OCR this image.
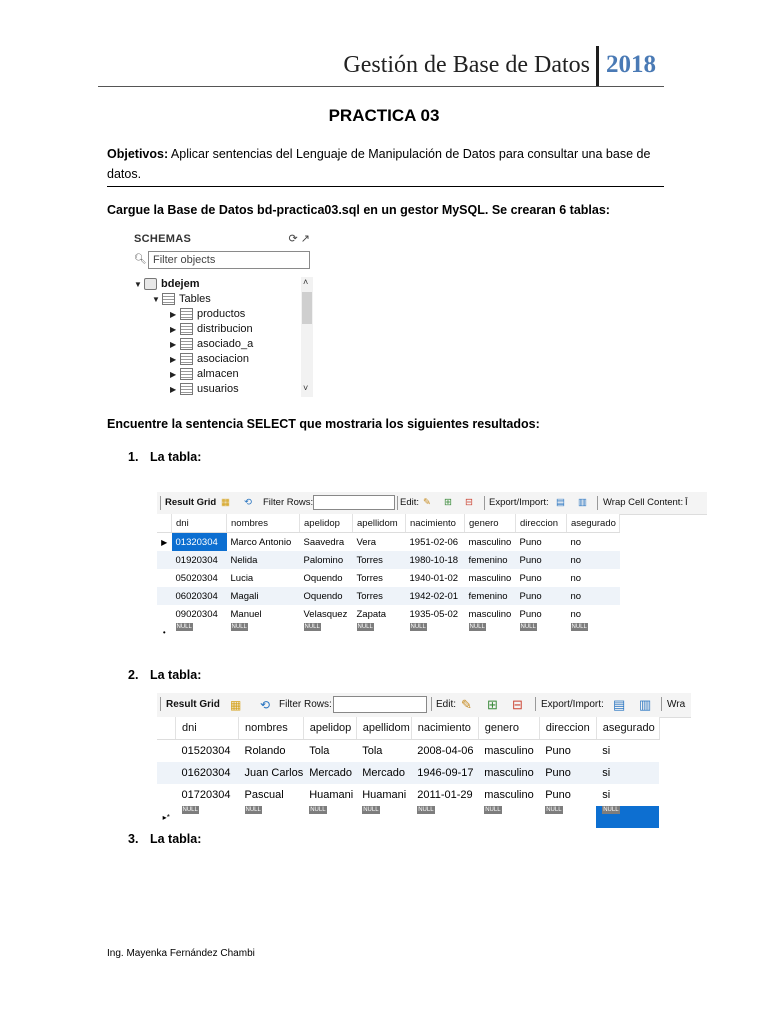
Gestión de Base de Datos 2018
PRACTICA 03
Objetivos: Aplicar sentencias del Lenguaje de Manipulación de Datos para consultar una base de datos.
Cargue la Base de Datos bd-practica03.sql en un gestor MySQL. Se crearan 6 tablas:
SCHEMAS	⟳ ↗
🔍︎ Filter objects
▼ bdejem
▼ Tables
▶ productos
▶ distribucion
▶ asociado_a
▶ asociacion
▶ almacen
▶ usuarios
˄
˅
Encuentre la sentencia SELECT que mostraria los siguientes resultados:
1. La tabla:
Result Grid ▦ ⟲ Filter Rows:	Edit: ✎ ⊞ ⊟ Export/Import: ▤ ▥ Wrap Cell Content: Ī
	dni	nombres	apelidop	apellidom	nacimiento	genero	direccion	asegurado
▶	01320304	Marco Antonio	Saavedra	Vera	1951-02-06	masculino	Puno	no
	01920304	Nelida	Palomino	Torres	1980-10-18	femenino	Puno	no
	05020304	Lucia	Oquendo	Torres	1940-01-02	masculino	Puno	no
	06020304	Magali	Oquendo	Torres	1942-02-01	femenino	Puno	no
	09020304	Manuel	Velasquez	Zapata	1935-05-02	masculino	Puno	no
•	NULL	NULL	NULL	NULL	NULL	NULL	NULL	NULL
2. La tabla:
Result Grid ▦ ⟲ Filter Rows:	Edit: ✎ ⊞ ⊟ Export/Import: ▤ ▥ Wra
	dni	nombres	apelidop	apellidom	nacimiento	genero	direccion	asegurado
	01520304	Rolando	Tola	Tola	2008-04-06	masculino	Puno	si
	01620304	Juan Carlos	Mercado	Mercado	1946-09-17	masculino	Puno	si
	01720304	Pascual	Huamani	Huamani	2011-01-29	masculino	Puno	si
▸*	NULL	NULL	NULL	NULL	NULL	NULL	NULL	NULL
3. La tabla:
Ing. Mayenka Fernández Chambi
